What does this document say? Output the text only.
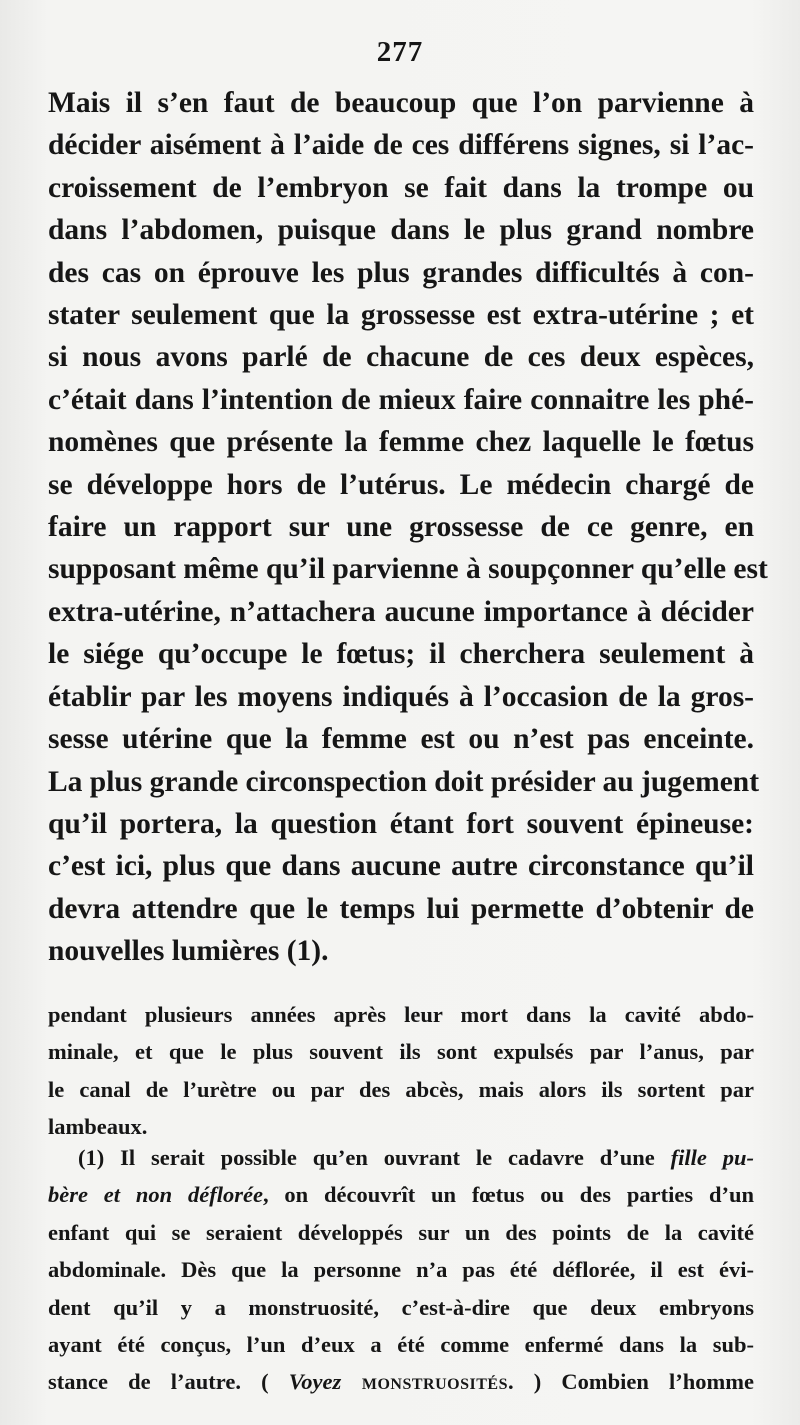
277
Mais il s’en faut de beaucoup que l’on parvienne à
décider aisément à l’aide de ces différens signes, si l’ac-
croissement de l’embryon se fait dans la trompe ou
dans l’abdomen, puisque dans le plus grand nombre
des cas on éprouve les plus grandes difficultés à con-
stater seulement que la grossesse est extra-utérine ; et
si nous avons parlé de chacune de ces deux espèces,
c’était dans l’intention de mieux faire connaitre les phé-
nomènes que présente la femme chez laquelle le fœtus
se développe hors de l’utérus. Le médecin chargé de
faire un rapport sur une grossesse de ce genre, en
supposant même qu’il parvienne à soupçonner qu’elle est
extra-utérine, n’attachera aucune importance à décider
le siége qu’occupe le fœtus; il cherchera seulement à
établir par les moyens indiqués à l’occasion de la gros-
sesse utérine que la femme est ou n’est pas enceinte.
La plus grande circonspection doit présider au jugement
qu’il portera, la question étant fort souvent épineuse:
c’est ici, plus que dans aucune autre circonstance qu’il
devra attendre que le temps lui permette d’obtenir de
nouvelles lumières (1).
pendant plusieurs années après leur mort dans la cavité abdo-
minale, et que le plus souvent ils sont expulsés par l’anus, par
le canal de l’urètre ou par des abcès, mais alors ils sortent par
lambeaux.
(1) Il serait possible qu’en ouvrant le cadavre d’une fille pu-
bère et non déflorée, on découvrît un fœtus ou des parties d’un
enfant qui se seraient développés sur un des points de la cavité
abdominale. Dès que la personne n’a pas été déflorée, il est évi-
dent qu’il y a monstruosité, c’est-à-dire que deux embryons
ayant été conçus, l’un d’eux a été comme enfermé dans la sub-
stance de l’autre. ( Voyez monstruosités. ) Combien l’homme
